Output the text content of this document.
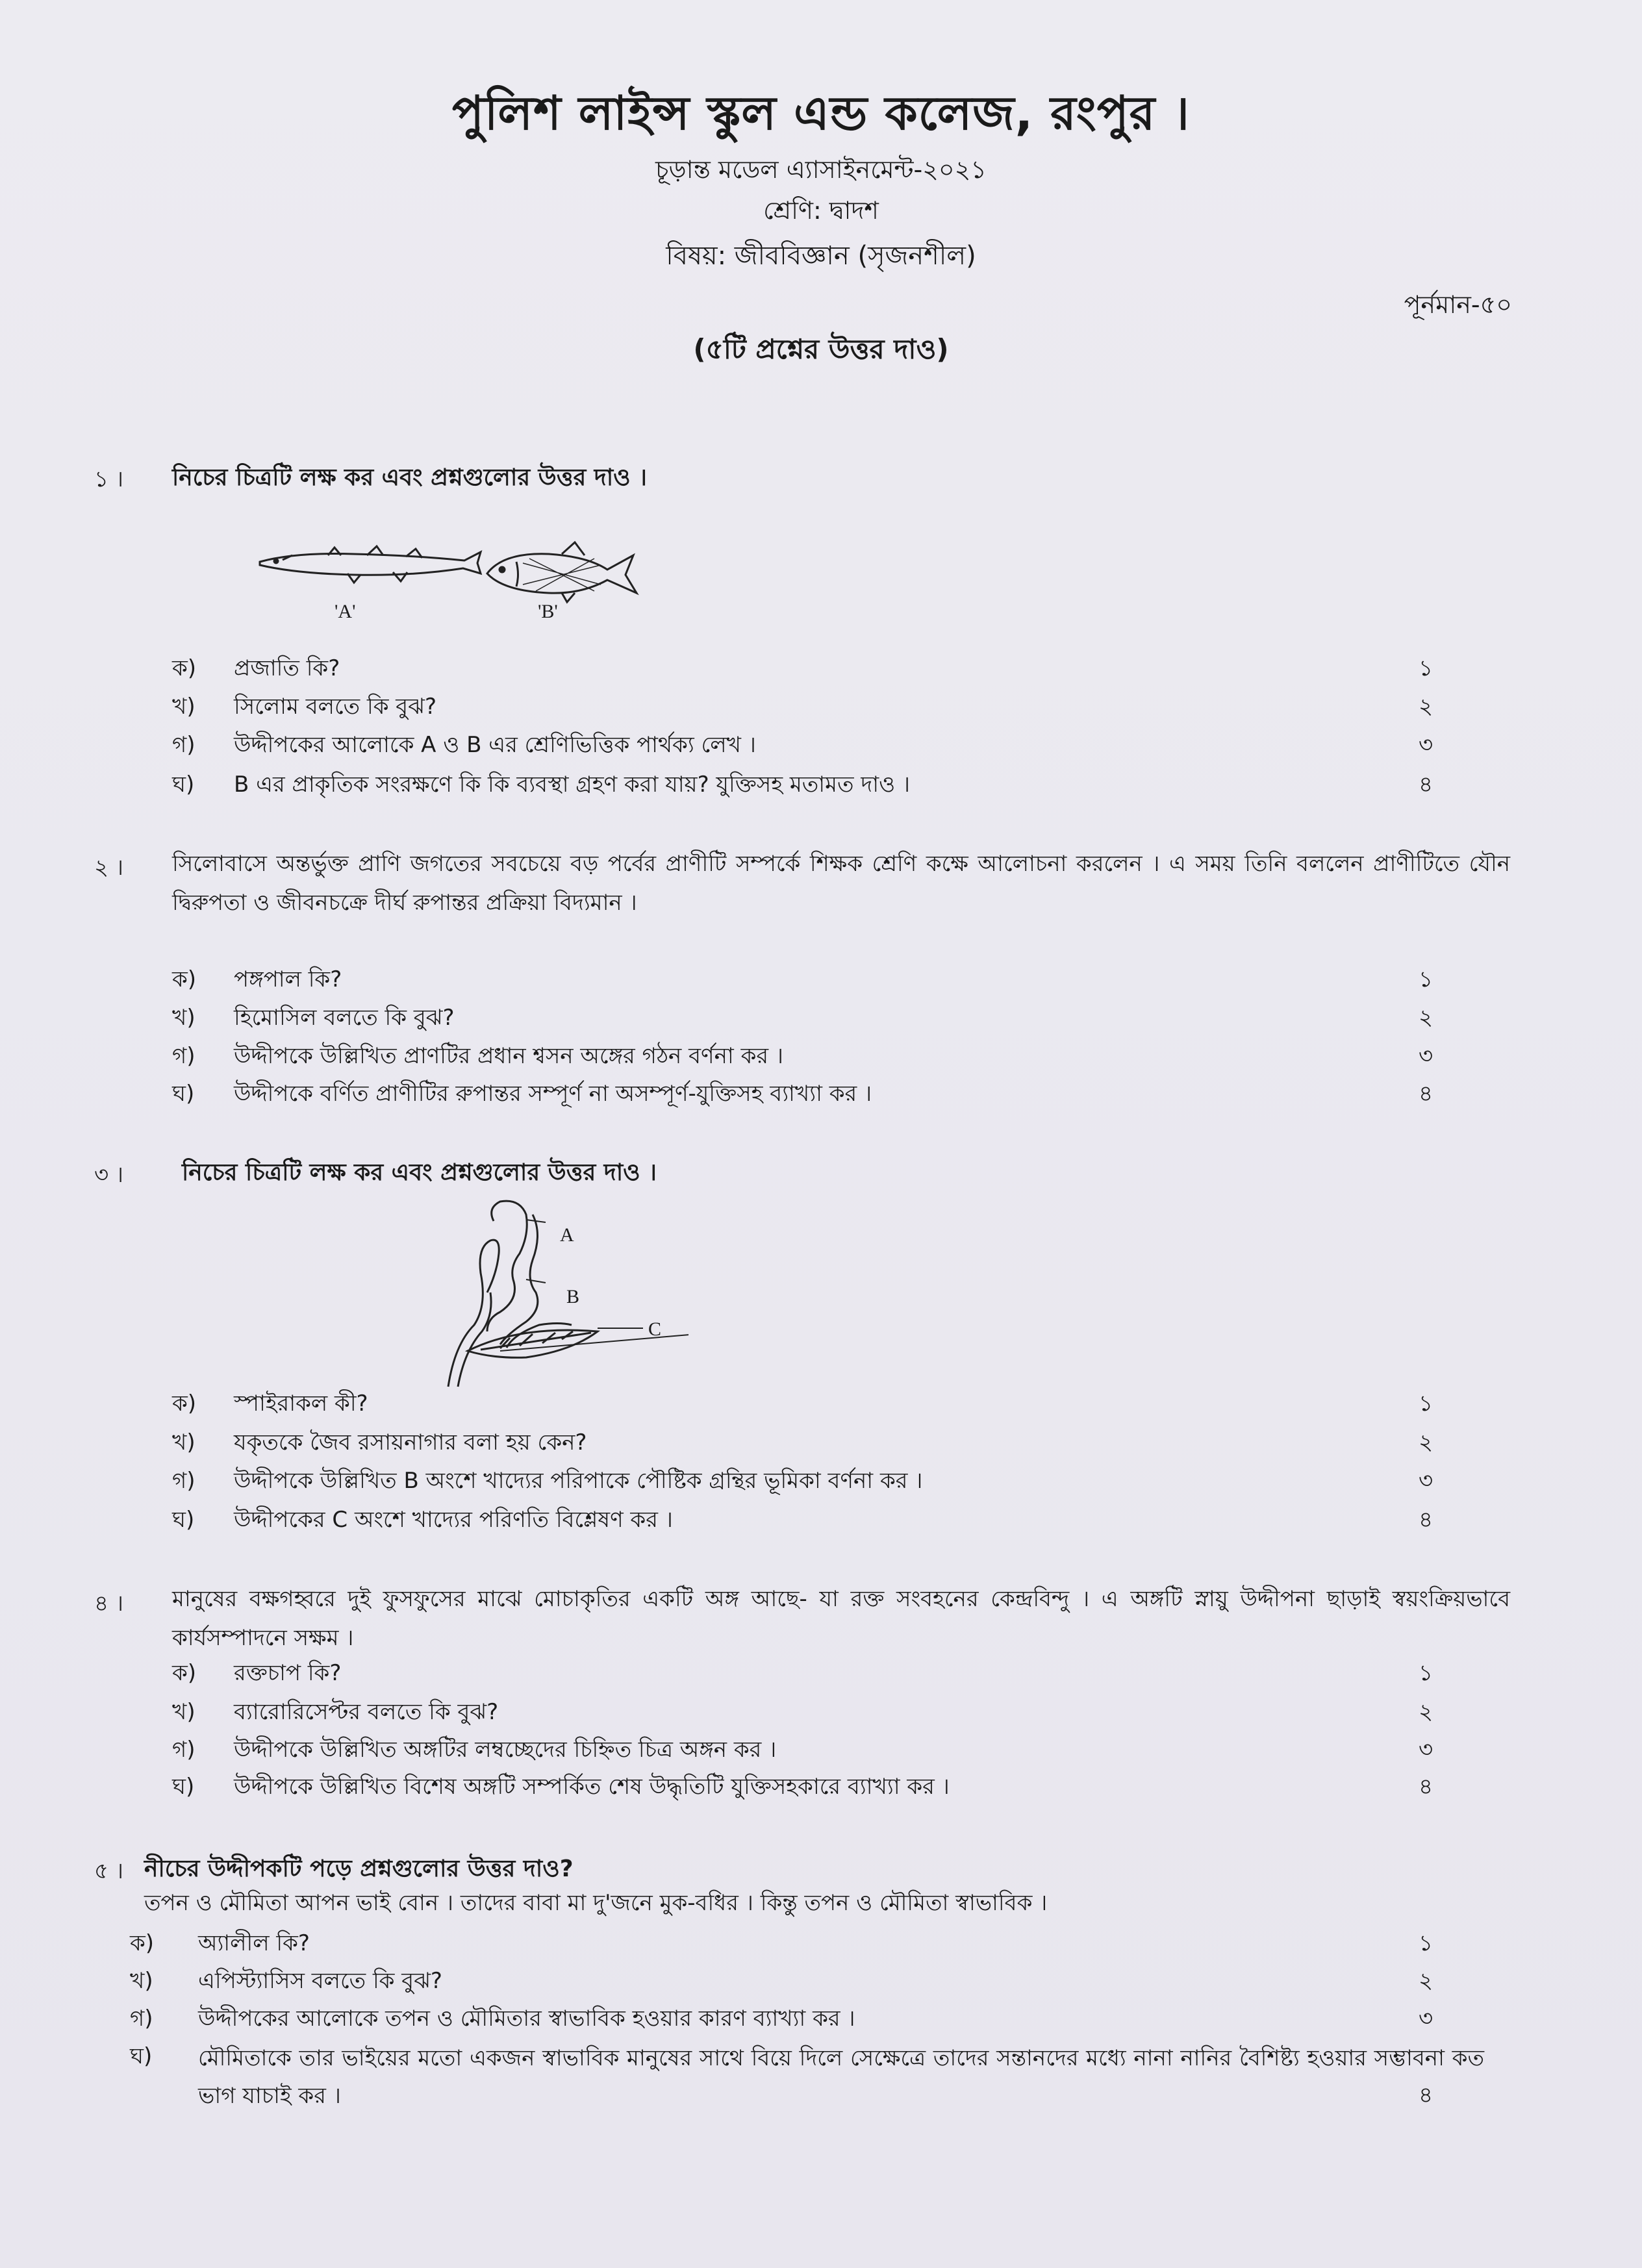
পুলিশ লাইন্স স্কুল এন্ড কলেজ, রংপুর ।
চূড়ান্ত মডেল এ্যাসাইনমেন্ট-২০২১
শ্রেণি: দ্বাদশ
বিষয়: জীববিজ্ঞান (সৃজনশীল)
পূর্নমান-৫০
(৫টি প্রশ্নের উত্তর দাও)
১ । নিচের চিত্রটি লক্ষ কর এবং প্রশ্নগুলোর উত্তর দাও ।
'A'	'B'
ক)	প্রজাতি কি?	১
খ)	সিলোম বলতে কি বুঝ?	২
গ)	উদ্দীপকের আলোকে A ও B এর শ্রেণিভিত্তিক পার্থক্য লেখ ।	৩
ঘ)	B এর প্রাকৃতিক সংরক্ষণে কি কি ব্যবস্থা গ্রহণ করা যায়? যুক্তিসহ মতামত দাও ।	৪
২ । সিলোবাসে অন্তর্ভুক্ত প্রাণি জগতের সবচেয়ে বড় পর্বের প্রাণীটি সম্পর্কে শিক্ষক শ্রেণি কক্ষে আলোচনা করলেন । এ সময় তিনি বললেন প্রাণীটিতে যৌন দ্বিরুপতা ও জীবনচক্রে দীর্ঘ রুপান্তর প্রক্রিয়া বিদ্যমান ।
ক)	পঙ্গপাল কি?	১
খ)	হিমোসিল বলতে কি বুঝ?	২
গ)	উদ্দীপকে উল্লিখিত প্রাণটির প্রধান শ্বসন অঙ্গের গঠন বর্ণনা কর ।	৩
ঘ)	উদ্দীপকে বর্ণিত প্রাণীটির রুপান্তর সম্পূর্ণ না অসম্পূর্ণ-যুক্তিসহ ব্যাখ্যা কর ।	৪
৩ । নিচের চিত্রটি লক্ষ কর এবং প্রশ্নগুলোর উত্তর দাও ।
A
B
C
ক)	স্পাইরাকল কী?	১
খ)	যকৃতকে জৈব রসায়নাগার বলা হয় কেন?	২
গ)	উদ্দীপকে উল্লিখিত B অংশে খাদ্যের পরিপাকে পৌষ্টিক গ্রন্থির ভূমিকা বর্ণনা কর ।	৩
ঘ)	উদ্দীপকের C অংশে খাদ্যের পরিণতি বিশ্লেষণ কর ।	৪
৪ । মানুষের বক্ষগহ্বরে দুই ফুসফুসের মাঝে মোচাকৃতির একটি অঙ্গ আছে- যা রক্ত সংবহনের কেন্দ্রবিন্দু । এ অঙ্গটি স্নায়ু উদ্দীপনা ছাড়াই স্বয়ংক্রিয়ভাবে কার্যসম্পাদনে সক্ষম ।
ক)	রক্তচাপ কি?	১
খ)	ব্যারোরিসেপ্টর বলতে কি বুঝ?	২
গ)	উদ্দীপকে উল্লিখিত অঙ্গটির লম্বচ্ছেদের চিহ্নিত চিত্র অঙ্গন কর ।	৩
ঘ)	উদ্দীপকে উল্লিখিত বিশেষ অঙ্গটি সম্পর্কিত শেষ উদ্ধৃতিটি যুক্তিসহকারে ব্যাখ্যা কর ।	৪
৫ । নীচের উদ্দীপকটি পড়ে প্রশ্নগুলোর উত্তর দাও?
তপন ও মৌমিতা আপন ভাই বোন । তাদের বাবা মা দু'জনে মুক-বধির । কিন্তু তপন ও মৌমিতা স্বাভাবিক ।
ক)	অ্যালীল কি?	১
খ)	এপিস্ট্যাসিস বলতে কি বুঝ?	২
গ)	উদ্দীপকের আলোকে তপন ও মৌমিতার স্বাভাবিক হওয়ার কারণ ব্যাখ্যা কর ।	৩
ঘ)	মৌমিতাকে তার ভাইয়ের মতো একজন স্বাভাবিক মানুষের সাথে বিয়ে দিলে সেক্ষেত্রে তাদের সন্তানদের মধ্যে নানা নানির বৈশিষ্ট্য হওয়ার সম্ভাবনা কত ভাগ যাচাই কর ।	৪
